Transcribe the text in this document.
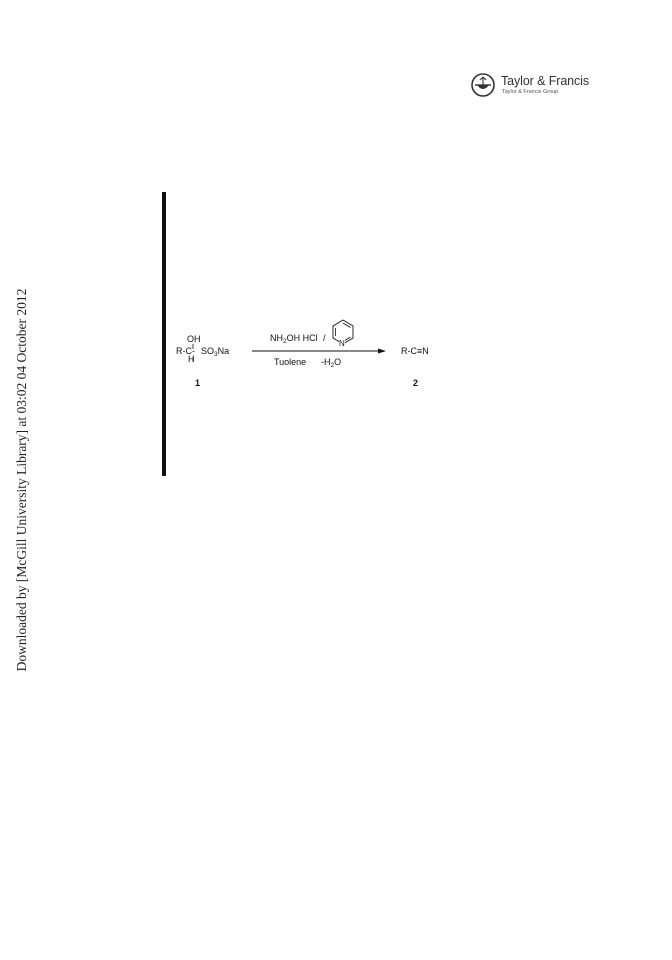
Downloaded by [McGill University Library] at 03:02 04 October 2012
Taylor & Francis
Taylor & Francis Group
OH
R-C- $SO_3Na$
H
1
$NH_2OH$ HCl /
N
Tuolene $-H_2O$
R-C≡N
2
